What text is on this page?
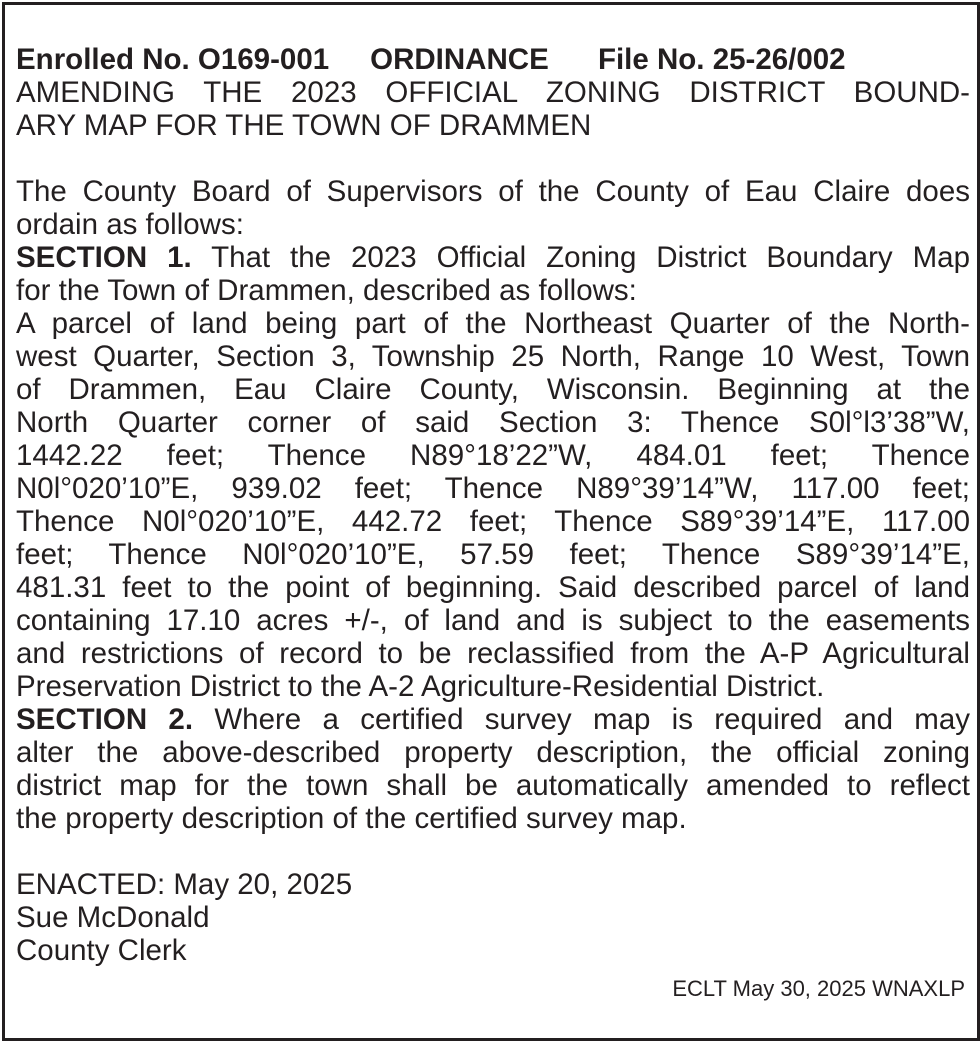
Enrolled No. O169-001 ORDINANCE File No. 25-26/002
AMENDING THE 2023 OFFICIAL ZONING DISTRICT BOUND-
ARY MAP FOR THE TOWN OF DRAMMEN
The County Board of Supervisors of the County of Eau Claire does
ordain as follows:
SECTION 1. That the 2023 Official Zoning District Boundary Map
for the Town of Drammen, described as follows:
A parcel of land being part of the Northeast Quarter of the North-
west Quarter, Section 3, Township 25 North, Range 10 West, Town
of Drammen, Eau Claire County, Wisconsin. Beginning at the
North Quarter corner of said Section 3: Thence S0l°l3’38”W,
1442.22 feet; Thence N89°18’22”W, 484.01 feet; Thence
N0l°020’10”E, 939.02 feet; Thence N89°39’14”W, 117.00 feet;
Thence N0l°020’10”E, 442.72 feet; Thence S89°39’14”E, 117.00
feet; Thence N0l°020’10”E, 57.59 feet; Thence S89°39’14”E,
481.31 feet to the point of beginning. Said described parcel of land
containing 17.10 acres +/-, of land and is subject to the easements
and restrictions of record to be reclassified from the A-P Agricultural
Preservation District to the A-2 Agriculture-Residential District.
SECTION 2. Where a certified survey map is required and may
alter the above-described property description, the official zoning
district map for the town shall be automatically amended to reflect
the property description of the certified survey map.
ENACTED: May 20, 2025
Sue McDonald
County Clerk
ECLT May 30, 2025 WNAXLP
